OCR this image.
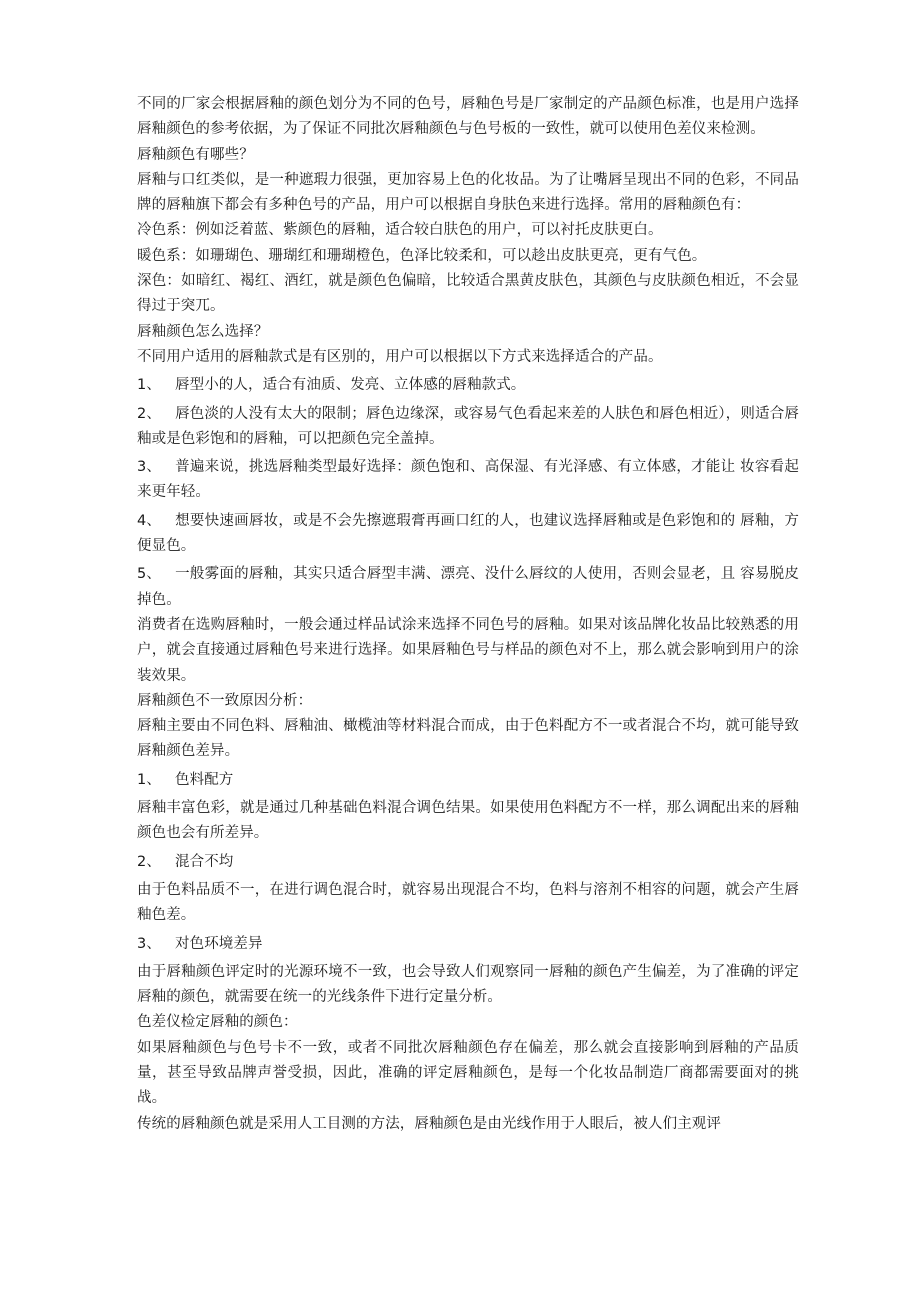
不同的厂家会根据唇釉的颜色划分为不同的色号，唇釉色号是厂家制定的产品颜色标准，也是用户选择唇釉颜色的参考依据，为了保证不同批次唇釉颜色与色号板的一致性，就可以使用色差仪来检测。

唇釉颜色有哪些？

唇釉与口红类似，是一种遮瑕力很强，更加容易上色的化妆品。为了让嘴唇呈现出不同的色彩，不同品牌的唇釉旗下都会有多种色号的产品，用户可以根据自身肤色来进行选择。常用的唇釉颜色有：

冷色系：例如泛着蓝、紫颜色的唇釉，适合较白肤色的用户，可以衬托皮肤更白。

暖色系：如珊瑚色、珊瑚红和珊瑚橙色，色泽比较柔和，可以趁出皮肤更亮，更有气色。

深色：如暗红、褐红、酒红，就是颜色色偏暗，比较适合黑黄皮肤色，其颜色与皮肤颜色相近，不会显得过于突兀。

唇釉颜色怎么选择？

不同用户适用的唇釉款式是有区别的，用户可以根据以下方式来选择适合的产品。

1、 唇型小的人，适合有油质、发亮、立体感的唇釉款式。

2、 唇色淡的人没有太大的限制；唇色边缘深，或容易气色看起来差的人肤色和唇色相近），则适合唇釉或是色彩饱和的唇釉，可以把颜色完全盖掉。

3、 普遍来说，挑选唇釉类型最好选择：颜色饱和、高保湿、有光泽感、有立体感，才能让 妆容看起来更年轻。

4、 想要快速画唇妆，或是不会先擦遮瑕膏再画口红的人，也建议选择唇釉或是色彩饱和的 唇釉，方便显色。

5、 一般雾面的唇釉，其实只适合唇型丰满、漂亮、没什么唇纹的人使用，否则会显老，且 容易脱皮掉色。

消费者在选购唇釉时，一般会通过样品试涂来选择不同色号的唇釉。如果对该品牌化妆品比较熟悉的用户，就会直接通过唇釉色号来进行选择。如果唇釉色号与样品的颜色对不上，那么就会影响到用户的涂装效果。

唇釉颜色不一致原因分析：

唇釉主要由不同色料、唇釉油、橄榄油等材料混合而成，由于色料配方不一或者混合不均，就可能导致唇釉颜色差异。

1、 色料配方

唇釉丰富色彩，就是通过几种基础色料混合调色结果。如果使用色料配方不一样，那么调配出来的唇釉颜色也会有所差异。

2、 混合不均

由于色料品质不一，在进行调色混合时，就容易出现混合不均，色料与溶剂不相容的问题，就会产生唇釉色差。

3、 对色环境差异

由于唇釉颜色评定时的光源环境不一致，也会导致人们观察同一唇釉的颜色产生偏差，为了准确的评定唇釉的颜色，就需要在统一的光线条件下进行定量分析。

色差仪检定唇釉的颜色：

如果唇釉颜色与色号卡不一致，或者不同批次唇釉颜色存在偏差，那么就会直接影响到唇釉的产品质量，甚至导致品牌声誉受损，因此，准确的评定唇釉颜色，是每一个化妆品制造厂商都需要面对的挑战。

传统的唇釉颜色就是采用人工目测的方法，唇釉颜色是由光线作用于人眼后，被人们主观评
